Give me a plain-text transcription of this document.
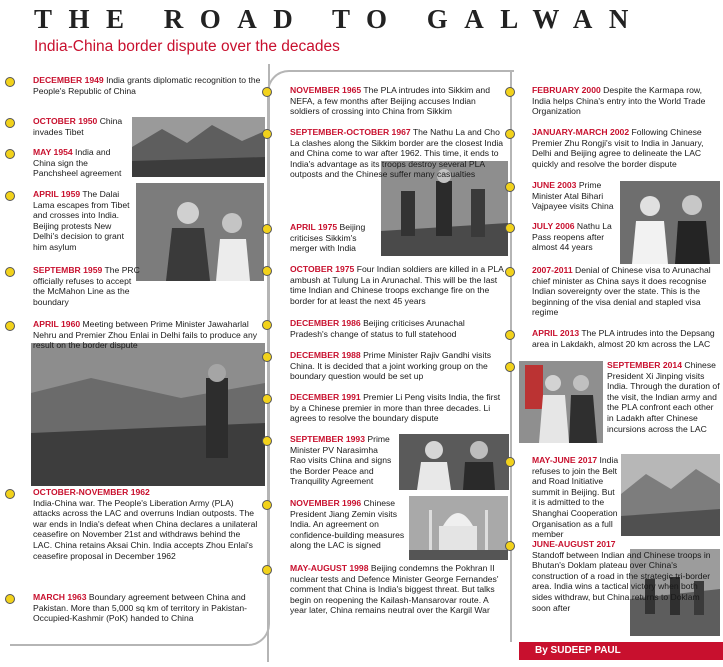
THE ROAD TO GALWAN
India-China border dispute over the decades
DECEMBER 1949 India grants diplomatic recognition to the People's Republic of China
OCTOBER 1950 China invades Tibet
MAY 1954 India and China sign the Panchsheel agreement
APRIL 1959 The Dalai Lama escapes from Tibet and crosses into India. Beijing protests New Delhi's decision to grant him asylum
SEPTEMBR 1959 The PRC officially refuses to accept the McMahon Line as the boundary
APRIL 1960 Meeting between Prime Minister Jawaharlal Nehru and Premier Zhou Enlai in Delhi fails to produce any result on the border dispute
OCTOBER-NOVEMBER 1962
India-China war. The People's Liberation Army (PLA) attacks across the LAC and overruns Indian outposts. The war ends in India's defeat when China declares a unilateral ceasefire on November 21st and withdraws behind the LAC. China retains Aksai Chin. India accepts Zhou Enlai's ceasefire proposal in December 1962
MARCH 1963 Boundary agreement between China and Pakistan. More than 5,000 sq km of territory in Pakistan-Occupied-Kashmir (PoK) handed to China
NOVEMBER 1965 The PLA intrudes into Sikkim and NEFA, a few months after Beijing accuses Indian soldiers of crossing into China from Sikkim
SEPTEMBER-OCTOBER 1967 The Nathu La and Cho La clashes along the Sikkim border are the closest India and China come to war after 1962. This time, it ends to India's advantage as its troops destroy several PLA outposts and the Chinese suffer many casualties
APRIL 1975 Beijing criticises Sikkim's merger with India
OCTOBER 1975 Four Indian soldiers are killed in a PLA ambush at Tulung La in Arunachal. This will be the last time Indian and Chinese troops exchange fire on the border for at least the next 45 years
DECEMBER 1986 Beijing criticises Arunachal Pradesh's change of status to full statehood
DECEMBER 1988 Prime Minister Rajiv Gandhi visits China. It is decided that a joint working group on the boundary question would be set up
DECEMBER 1991 Premier Li Peng visits India, the first by a Chinese premier in more than three decades. Li agrees to resolve the boundary dispute
SEPTEMBER 1993 Prime Minister PV Narasimha Rao visits China and signs the Border Peace and Tranquility Agreement
NOVEMBER 1996 Chinese President Jiang Zemin visits India. An agreement on confidence-building measures along the LAC is signed
MAY-AUGUST 1998 Beijing condemns the Pokhran II nuclear tests and Defence Minister George Fernandes' comment that China is India's biggest threat. But talks begin on reopening the Kailash-Mansarovar route. A year later, China remains neutral over the Kargil War
FEBRUARY 2000 Despite the Karmapa row, India helps China's entry into the World Trade Organization
JANUARY-MARCH 2002 Following Chinese Premier Zhu Rongji's visit to India in January, Delhi and Beijing agree to delineate the LAC quickly and resolve the border dispute
JUNE 2003 Prime Minister Atal Bihari Vajpayee visits China
JULY 2006 Nathu La Pass reopens after almost 44 years
2007-2011 Denial of Chinese visa to Arunachal chief minister as China says it does recognise Indian sovereignty over the state. This is the beginning of the visa denial and stapled visa regime
APRIL 2013 The PLA intrudes into the Depsang area in Lakdakh, almost 20 km across the LAC
SEPTEMBER 2014 Chinese President Xi Jinping visits India. Through the duration of the visit, the Indian army and the PLA confront each other in Ladakh after Chinese incursions across the LAC
MAY-JUNE 2017 India refuses to join the Belt and Road Initiative summit in Beijing. But it is admitted to the Shanghai Cooperation Organisation as a full member
JUNE-AUGUST 2017
Standoff between Indian and Chinese troops in Bhutan's Doklam plateau over China's construction of a road in the strategic tri-border area. India wins a tactical victory when both sides withdraw, but China returns to Doklam soon after
By SUDEEP PAUL
